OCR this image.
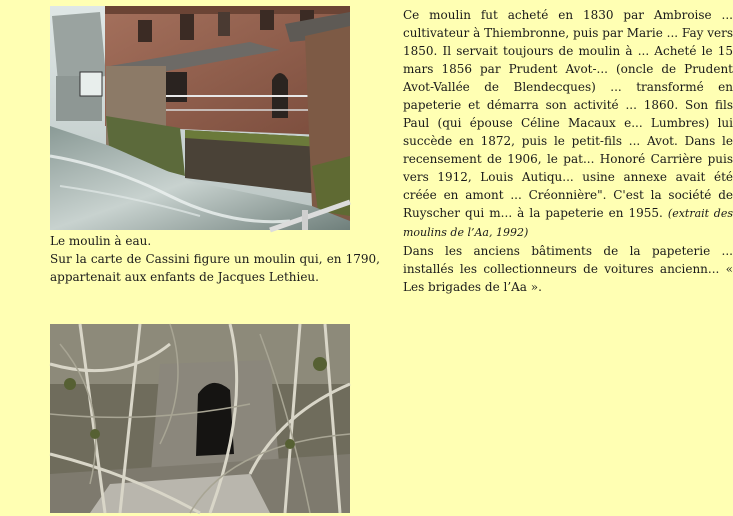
Le moulin à eau.

Sur la carte de Cassini figure un moulin qui, en 1790, appartenait aux enfants de Jacques Lethieu.

Ce moulin fut acheté en 1830 par Ambroise ... cultivateur à Thiembronne, puis par Marie ... Fay vers 1850. Il servait toujours de moulin à ... Acheté le 15 mars 1856 par Prudent Avot-... (oncle de Prudent Avot-Vallée de Blendecques) ... transformé en papeterie et démarra son activité ... 1860. Son fils Paul (qui épouse Céline Macaux e... Lumbres) lui succède en 1872, puis le petit-fils ... Avot. Dans le recensement de 1906, le pat... Honoré Carrière puis vers 1912, Louis Autiqu... usine annexe avait été créée en amont ... Créonnière". C'est la société de Ruyscher qui m... à la papeterie en 1955. (extrait des moulins de l’Aa, 1992)

Dans les anciens bâtiments de la papeterie ... installés les collectionneurs de voitures ancienn... « Les brigades de l’Aa ».
